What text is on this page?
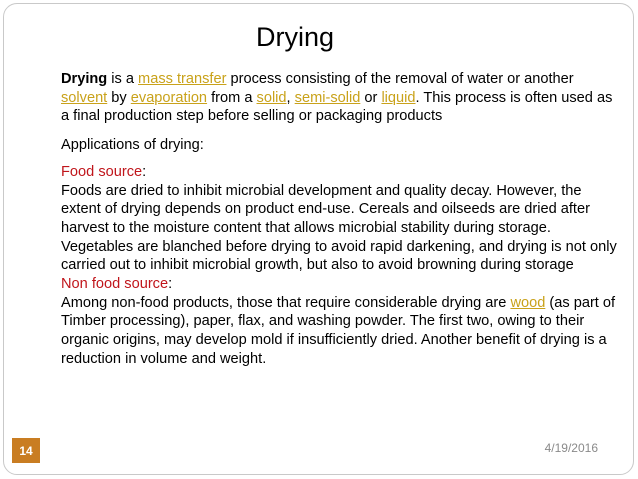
Drying

Drying is a mass transfer process consisting of the removal of water or another solvent by evaporation from a solid, semi-solid or liquid. This process is often used as a final production step before selling or packaging products

Applications of drying:

Food source:

Foods are dried to inhibit microbial development and quality decay. However, the extent of drying depends on product end-use. Cereals and oilseeds are dried after harvest to the moisture content that allows microbial stability during storage. Vegetables are blanched before drying to avoid rapid darkening, and drying is not only carried out to inhibit microbial growth, but also to avoid browning during storage

Non food source:

Among non-food products, those that require considerable drying are wood (as part of Timber processing), paper, flax, and washing powder. The first two, owing to their organic origins, may develop mold if insufficiently dried. Another benefit of drying is a reduction in volume and weight.

14	4/19/2016
